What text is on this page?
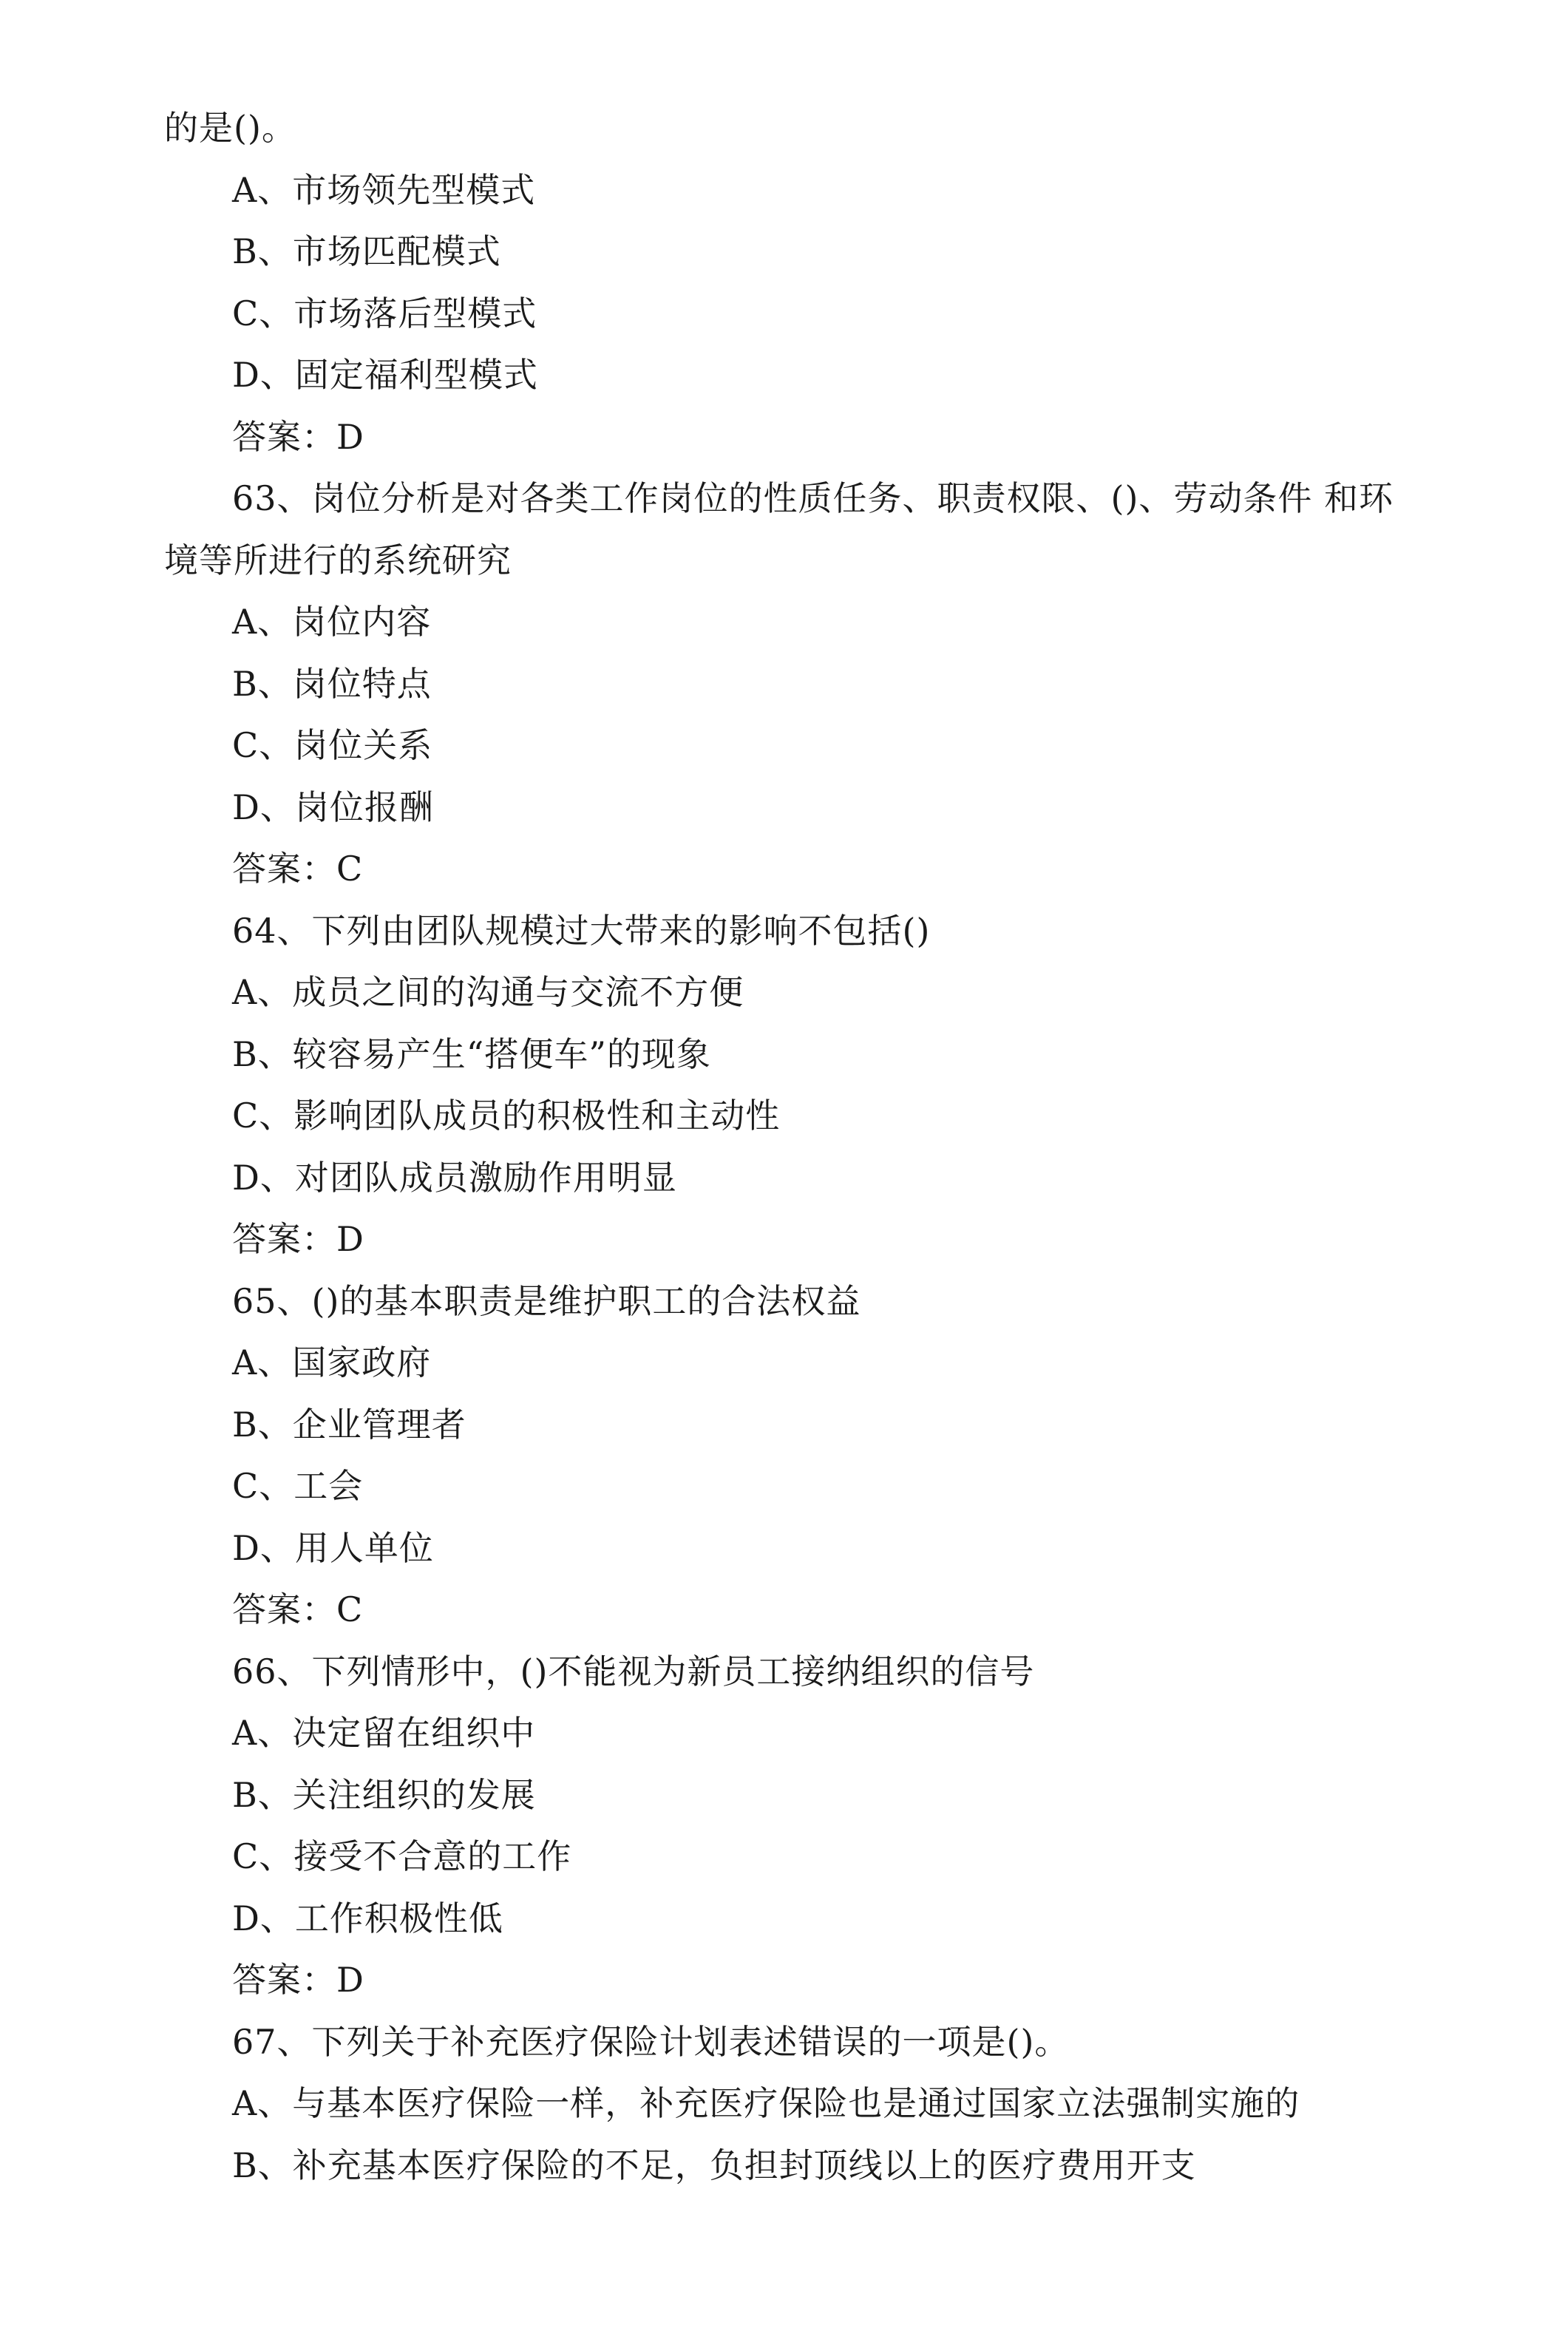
的是()。
A、市场领先型模式
B、市场匹配模式
C、市场落后型模式
D、固定福利型模式
答案：D
63、岗位分析是对各类工作岗位的性质任务、职责权限、()、劳动条件 和环
境等所进行的系统研究
A、岗位内容
B、岗位特点
C、岗位关系
D、岗位报酬
答案：C
64、下列由团队规模过大带来的影响不包括()
A、成员之间的沟通与交流不方便
B、较容易产生“搭便车”的现象
C、影响团队成员的积极性和主动性
D、对团队成员激励作用明显
答案：D
65、()的基本职责是维护职工的合法权益
A、国家政府
B、企业管理者
C、工会
D、用人单位
答案：C
66、下列情形中，()不能视为新员工接纳组织的信号
A、决定留在组织中
B、关注组织的发展
C、接受不合意的工作
D、工作积极性低
答案：D
67、下列关于补充医疗保险计划表述错误的一项是()。
A、与基本医疗保险一样，补充医疗保险也是通过国家立法强制实施的
B、补充基本医疗保险的不足，负担封顶线以上的医疗费用开支
